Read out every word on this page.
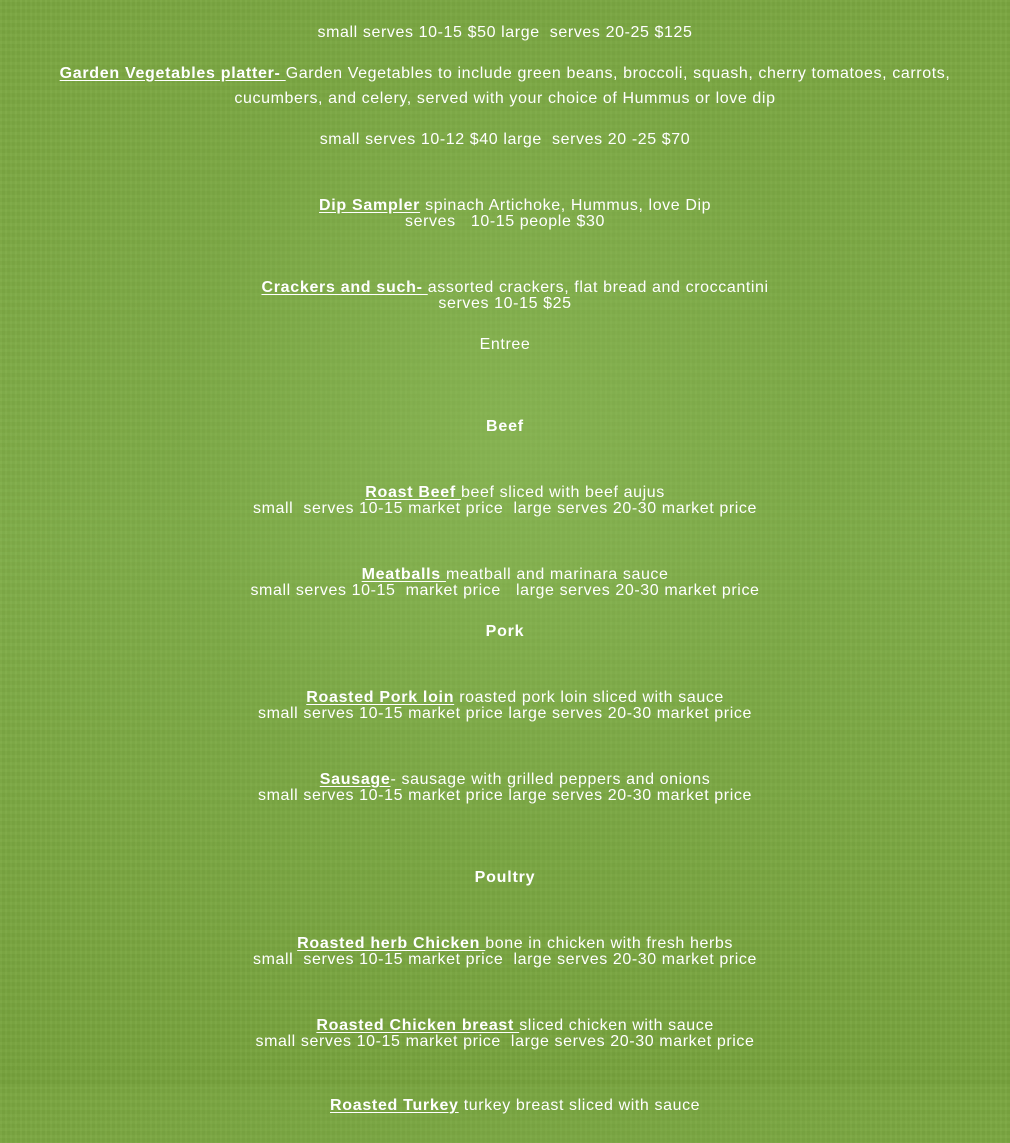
small serves 10-15 $50 large  serves 20-25 $125
Garden Vegetables platter- Garden Vegetables to include green beans, broccoli, squash, cherry tomatoes, carrots, cucumbers, and celery, served with your choice of Hummus or love dip
small serves 10-12 $40 large  serves 20 -25 $70

Dip Sampler spinach Artichoke, Hummus, love Dip

serves   10-15 people $30

Crackers and such- assorted crackers, flat bread and croccantini

serves 10-15 $25
Entree
Beef

Roast Beef beef sliced with beef aujus

small  serves 10-15 market price  large serves 20-30 market price

Meatballs meatball and marinara sauce

small serves 10-15  market price   large serves 20-30 market price
Pork

Roasted Pork loin roasted pork loin sliced with sauce

small serves 10-15 market price large serves 20-30 market price

Sausage- sausage with grilled peppers and onions

small serves 10-15 market price large serves 20-30 market price
Poultry

Roasted herb Chicken bone in chicken with fresh herbs

small  serves 10-15 market price  large serves 20-30 market price

Roasted Chicken breast sliced chicken with sauce

small serves 10-15 market price  large serves 20-30 market price

Roasted Turkey turkey breast sliced with sauce
